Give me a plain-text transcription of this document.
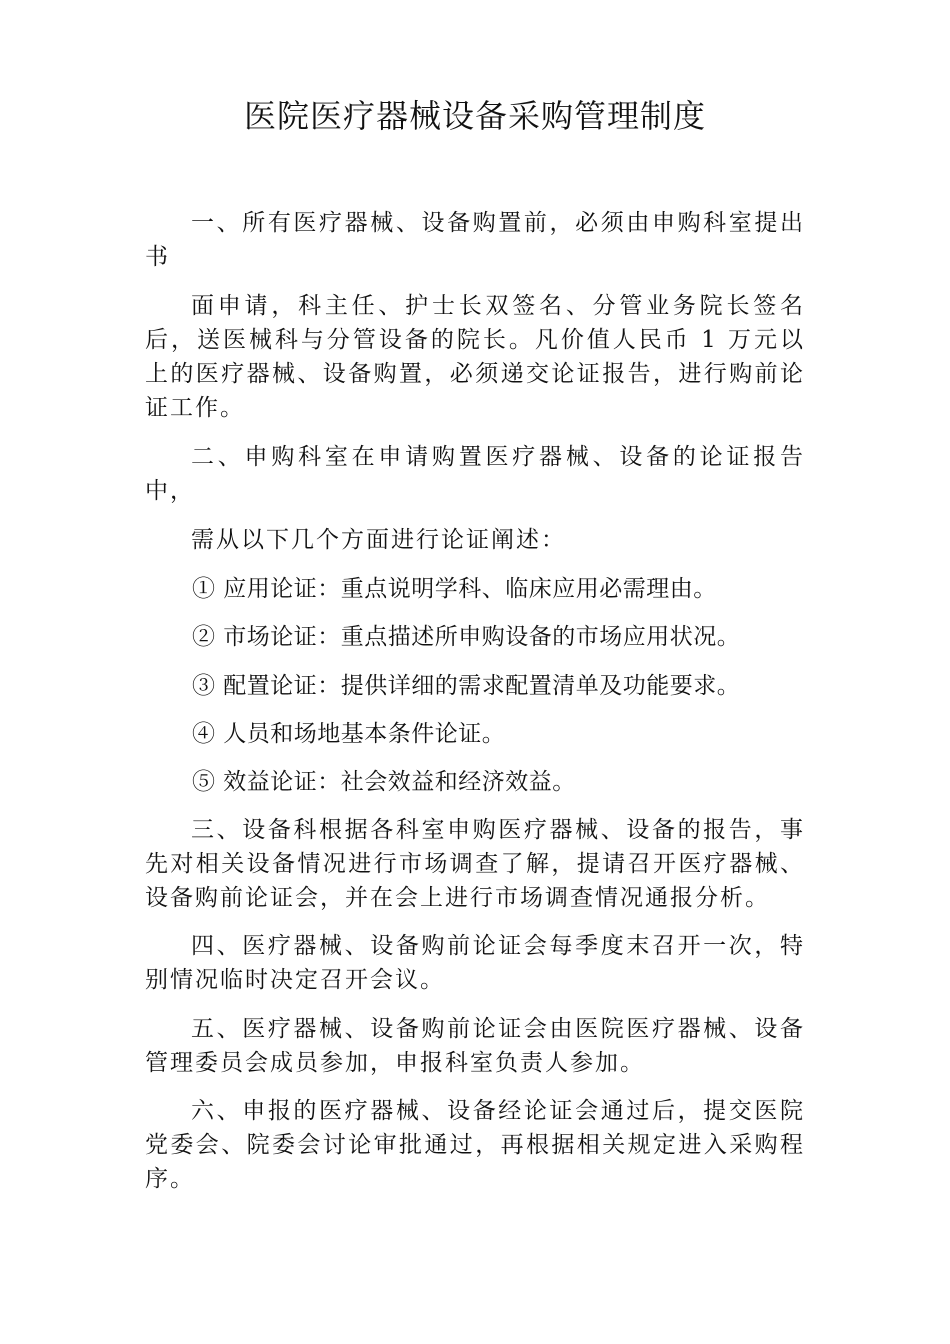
医院医疗器械设备采购管理制度

一、所有医疗器械、设备购置前，必须由申购科室提出书

面申请，科主任、护士长双签名、分管业务院长签名后，送医械科与分管设备的院长。凡价值人民币 1 万元以上的医疗器械、设备购置，必须递交论证报告，进行购前论证工作。

二、申购科室在申请购置医疗器械、设备的论证报告中，

需从以下几个方面进行论证阐述：

① 应用论证：重点说明学科、临床应用必需理由。

② 市场论证：重点描述所申购设备的市场应用状况。

③ 配置论证：提供详细的需求配置清单及功能要求。

④ 人员和场地基本条件论证。

⑤ 效益论证：社会效益和经济效益。

三、设备科根据各科室申购医疗器械、设备的报告，事先对相关设备情况进行市场调查了解，提请召开医疗器械、设备购前论证会，并在会上进行市场调查情况通报分析。

四、医疗器械、设备购前论证会每季度末召开一次，特别情况临时决定召开会议。

五、医疗器械、设备购前论证会由医院医疗器械、设备管理委员会成员参加，申报科室负责人参加。

六、申报的医疗器械、设备经论证会通过后，提交医院党委会、院委会讨论审批通过，再根据相关规定进入采购程序。
